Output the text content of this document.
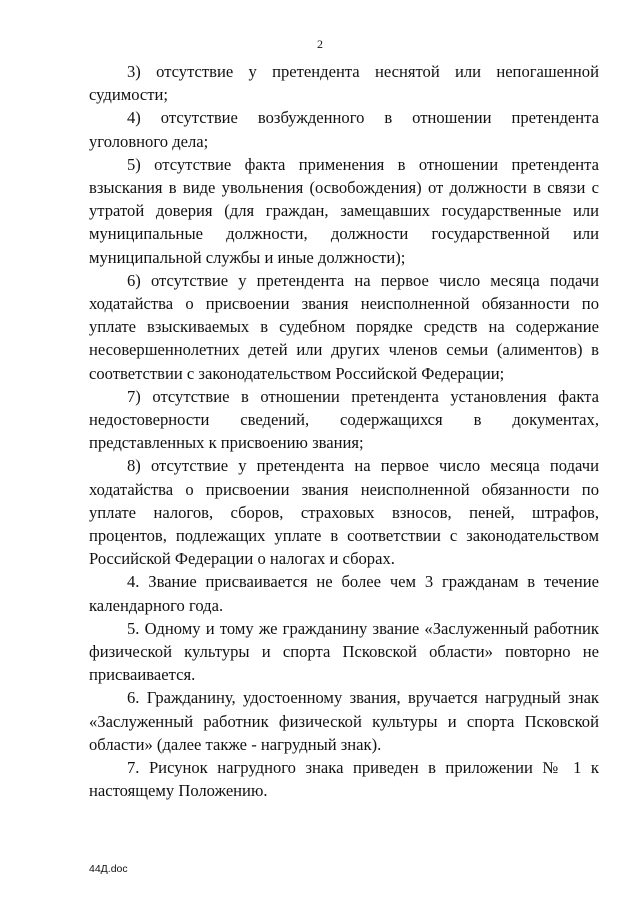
2

3) отсутствие у претендента неснятой или непогашенной судимости;

4) отсутствие возбужденного в отношении претендента уголовного дела;

5) отсутствие факта применения в отношении претендента взыскания в виде увольнения (освобождения) от должности в связи с утратой доверия (для граждан, замещавших государственные или муниципальные должности, должности государственной или муниципальной службы и иные должности);

6) отсутствие у претендента на первое число месяца подачи ходатайства о присвоении звания неисполненной обязанности по уплате взыскиваемых в судебном порядке средств на содержание несовершеннолетних детей или других членов семьи (алиментов) в соответствии с законодательством Российской Федерации;

7) отсутствие в отношении претендента установления факта недостоверности сведений, содержащихся в документах, представленных к присвоению звания;

8) отсутствие у претендента на первое число месяца подачи ходатайства о присвоении звания неисполненной обязанности по уплате налогов, сборов, страховых взносов, пеней, штрафов, процентов, подлежащих уплате в соответствии с законодательством Российской Федерации о налогах и сборах.

4. Звание присваивается не более чем 3 гражданам в течение календарного года.

5. Одному и тому же гражданину звание «Заслуженный работник физической культуры и спорта Псковской области» повторно не присваивается.

6. Гражданину, удостоенному звания, вручается нагрудный знак «Заслуженный работник физической культуры и спорта Псковской области» (далее также - нагрудный знак).

7. Рисунок нагрудного знака приведен в приложении № 1 к настоящему Положению.

44Д.doc
